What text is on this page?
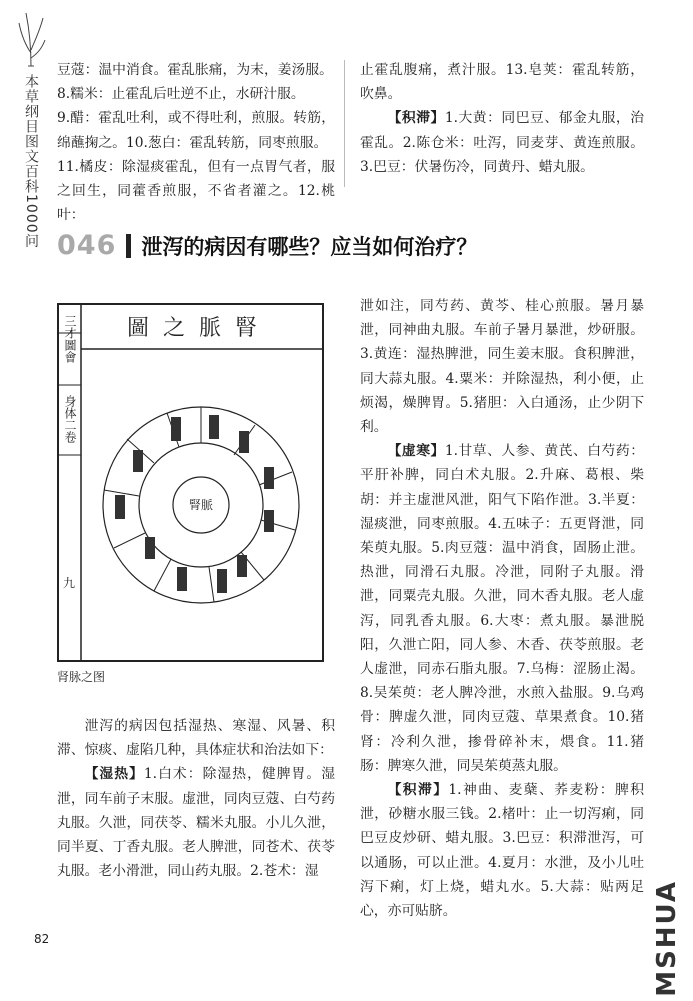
本草纲目图文百科1000问

豆蔻：温中消食。霍乱胀痛，为末，姜汤服。

8.糯米：止霍乱后吐逆不止，水研汁服。

9.醋：霍乱吐利，或不得吐利，煎服。转筋，绵蘸掬之。10.葱白：霍乱转筋，同枣煎服。

11.橘皮：除湿痰霍乱，但有一点胃气者，服之回生，同藿香煎服，不省者灌之。12.桃叶：

止霍乱腹痛，煮汁服。13.皂荚：霍乱转筋，吹鼻。

【积滞】1.大黄：同巴豆、郁金丸服，治霍乱。2.陈仓米：吐泻，同麦芽、黄连煎服。3.巴豆：伏暑伤冷，同黄丹、蜡丸服。

046 泄泻的病因有哪些？应当如何治疗？
三才圖會
身体二卷
九
圖之脈腎
腎脈
肾脉之图

泄泻的病因包括湿热、寒湿、风暑、积滞、惊痰、虚陷几种，具体症状和治法如下：

【湿热】1.白术：除湿热，健脾胃。湿泄，同车前子末服。虚泄，同肉豆蔻、白芍药丸服。久泄，同茯苓、糯米丸服。小儿久泄，同半夏、丁香丸服。老人脾泄，同苍术、茯苓丸服。老小滑泄，同山药丸服。2.苍术：湿

泄如注，同芍药、黄芩、桂心煎服。暑月暴泄，同神曲丸服。车前子暑月暴泄，炒研服。3.黄连：湿热脾泄，同生姜末服。食积脾泄，同大蒜丸服。4.粟米：并除湿热，利小便，止烦渴，燥脾胃。5.猪胆：入白通汤，止少阴下利。

【虚寒】1.甘草、人参、黄芪、白芍药：平肝补脾，同白术丸服。2.升麻、葛根、柴胡：并主虚泄风泄，阳气下陷作泄。3.半夏：湿痰泄，同枣煎服。4.五味子：五更肾泄，同茱萸丸服。5.肉豆蔻：温中消食，固肠止泄。热泄，同滑石丸服。冷泄，同附子丸服。滑泄，同粟壳丸服。久泄，同木香丸服。老人虚泻，同乳香丸服。6.大枣：煮丸服。暴泄脱阳，久泄亡阳，同人参、木香、茯苓煎服。老人虚泄，同赤石脂丸服。7.乌梅：涩肠止渴。8.吴茱萸：老人脾冷泄，水煎入盐服。9.乌鸡骨：脾虚久泄，同肉豆蔻、草果煮食。10.猪肾：冷利久泄，掺骨碎补末，煨食。11.猪肠：脾寒久泄，同吴茱萸蒸丸服。

【积滞】1.神曲、麦蘖、荞麦粉：脾积泄，砂糖水服三钱。2.楮叶：止一切泻痢，同巴豆皮炒研、蜡丸服。3.巴豆：积滞泄泻，可以通肠，可以止泄。4.夏月：水泄，及小儿吐泻下痢，灯上烧，蜡丸水。5.大蒜：贴两足心，亦可贴脐。

82	MSHUA
